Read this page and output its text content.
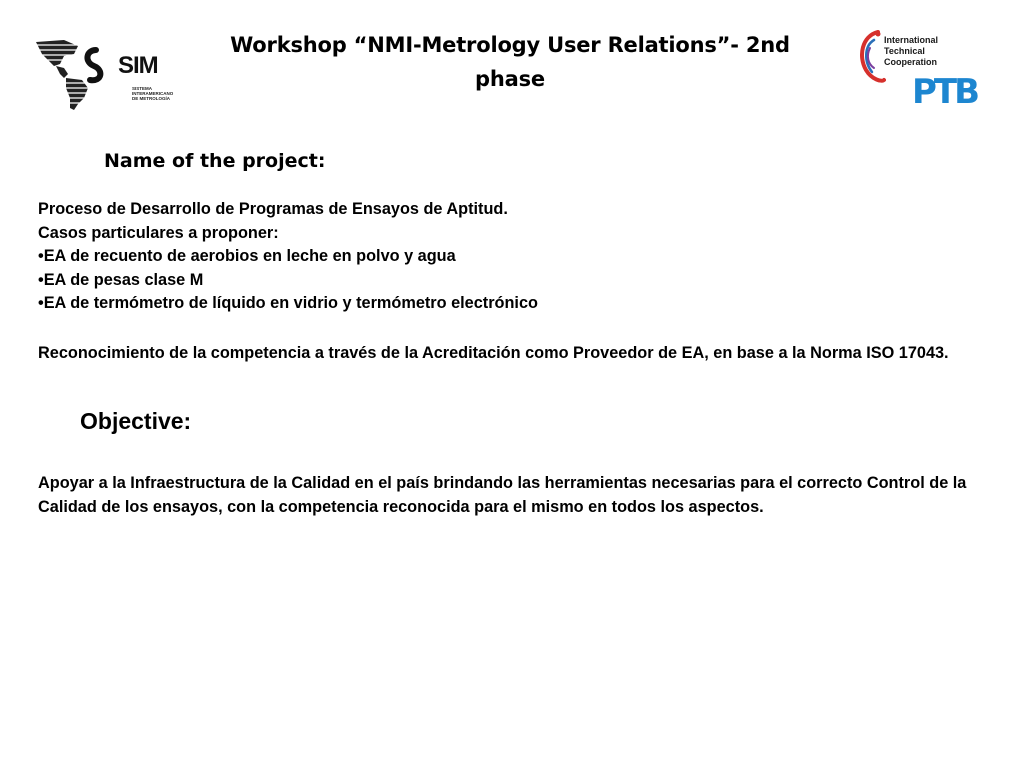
SIM
SISTEMA
INTERAMERICANO
DE METROLOGÍA
Workshop “NMI-Metrology User Relations”- 2nd
phase
International
Technical
Cooperation
PTB
Name of the project:

Proceso de Desarrollo de Programas de Ensayos de Aptitud.

Casos particulares a proponer:

•EA de recuento de aerobios en leche en polvo y agua

•EA de pesas clase M

•EA de termómetro de líquido en vidrio y termómetro electrónico

Reconocimiento de la competencia a través de la Acreditación como Proveedor de EA, en base a la Norma ISO 17043.

Objective:

Apoyar a la Infraestructura de la Calidad en el país brindando las herramientas necesarias para el correcto Control de la Calidad de los ensayos, con la competencia reconocida para el mismo en todos los aspectos.
